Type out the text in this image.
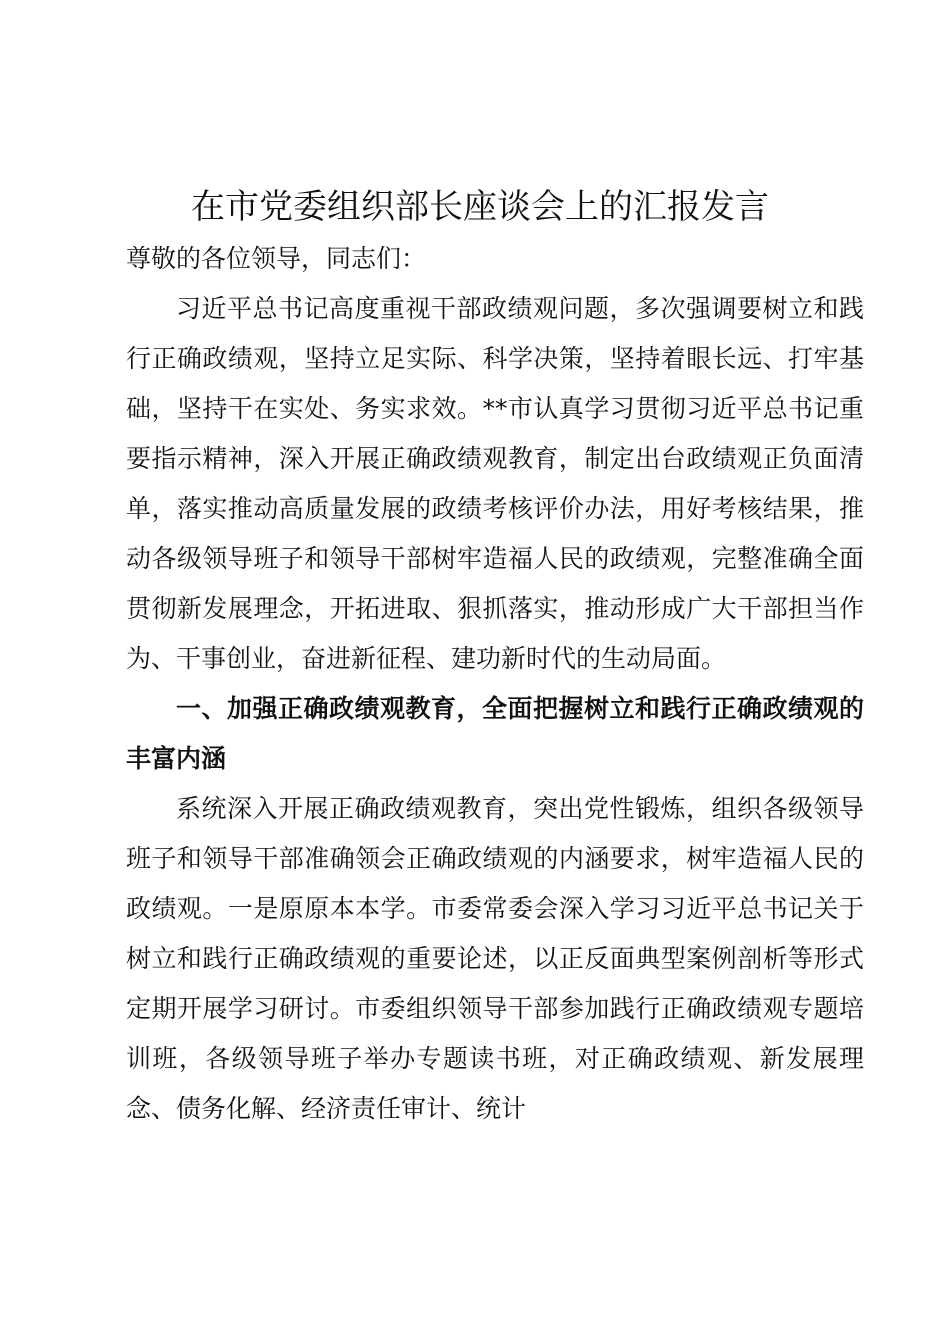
在市党委组织部长座谈会上的汇报发言

尊敬的各位领导，同志们：

习近平总书记高度重视干部政绩观问题，多次强调要树立和践行正确政绩观，坚持立足实际、科学决策，坚持着眼长远、打牢基础，坚持干在实处、务实求效。**市认真学习贯彻习近平总书记重要指示精神，深入开展正确政绩观教育，制定出台政绩观正负面清单，落实推动高质量发展的政绩考核评价办法，用好考核结果，推动各级领导班子和领导干部树牢造福人民的政绩观，完整准确全面贯彻新发展理念，开拓进取、狠抓落实，推动形成广大干部担当作为、干事创业，奋进新征程、建功新时代的生动局面。

一、加强正确政绩观教育，全面把握树立和践行正确政绩观的丰富内涵

系统深入开展正确政绩观教育，突出党性锻炼，组织各级领导班子和领导干部准确领会正确政绩观的内涵要求，树牢造福人民的政绩观。一是原原本本学。市委常委会深入学习习近平总书记关于树立和践行正确政绩观的重要论述，以正反面典型案例剖析等形式定期开展学习研讨。市委组织领导干部参加践行正确政绩观专题培训班，各级领导班子举办专题读书班，对正确政绩观、新发展理念、债务化解、经济责任审计、统计
